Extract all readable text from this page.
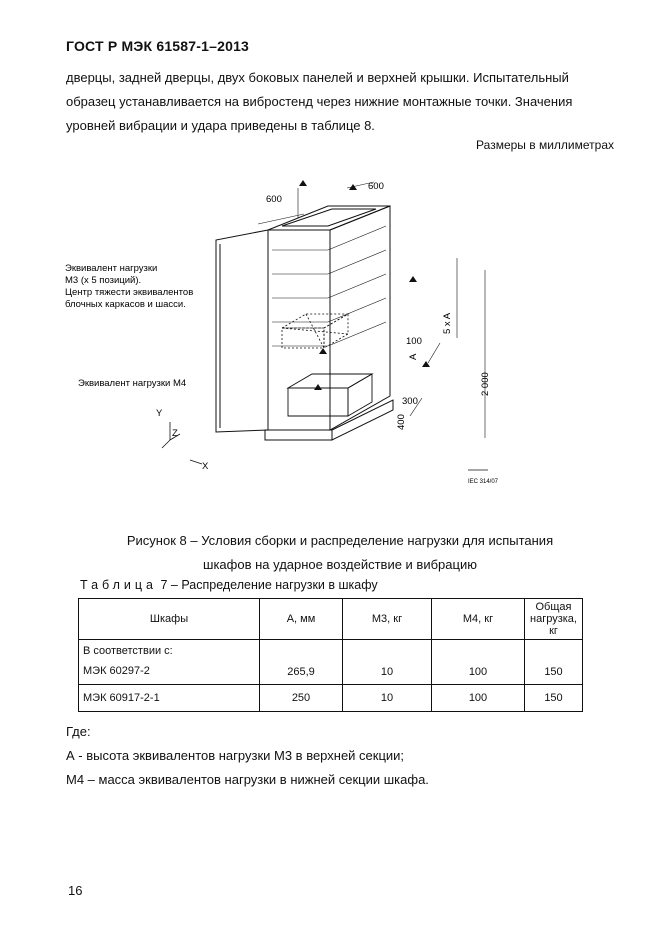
ГОСТ Р МЭК 61587-1–2013

дверцы, задней дверцы, двух боковых панелей и верхней крышки. Испытательный

образец устанавливается на вибростенд через нижние монтажные точки. Значения

уровней вибрации и удара приведены в таблице 8.

Размеры в миллиметрах
Эквивалент нагрузки
М3 (х 5 позиций).
Центр тяжести эквивалентов
блочных каркасов и шасси.
Эквивалент нагрузки М4
600
600
5 x A
100
A
2 000
300
400
Y
Z
X
IEC 314/07
Рисунок 8 – Условия сборки и распределение нагрузки для испытания
шкафов на ударное воздействие и вибрацию
Таблица 7 – Распределение нагрузки в шкафу
Шкафы	А, мм	М3, кг	М4, кг	Общая нагрузка, кг

В соответствии с:
МЭК 60297-2	265,9	10	100	150
МЭК 60917-2-1	250	10	100	150
Где:
А - высота эквивалентов нагрузки М3 в верхней секции;
М4 – масса эквивалентов нагрузки в нижней секции шкафа.
16
